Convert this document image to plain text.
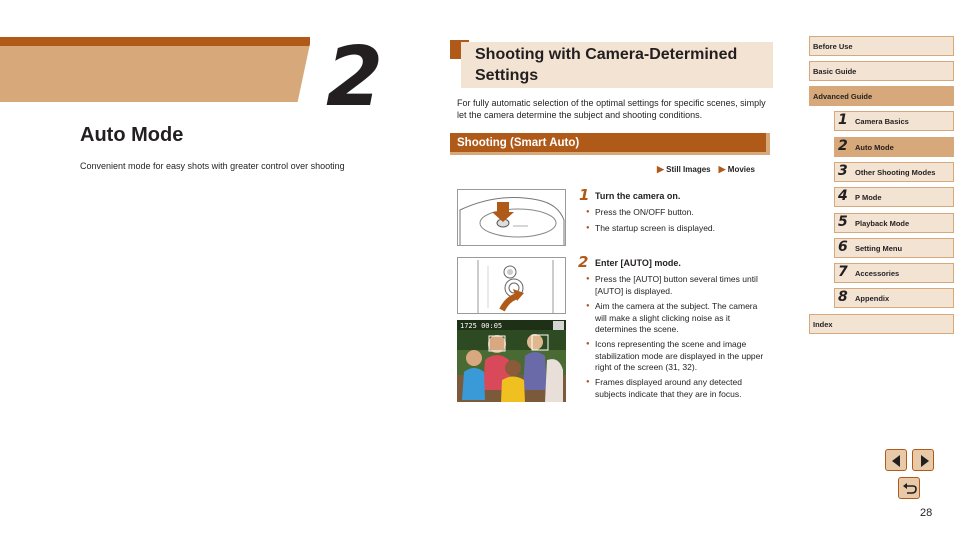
2
Auto Mode
Convenient mode for easy shots with greater control over shooting
Shooting with Camera-Determined Settings
For fully automatic selection of the optimal settings for specific scenes, simply let the camera determine the subject and shooting conditions.
Shooting (Smart Auto)
▶ Still Images ▶ Movies
1725 00:05
1 Turn the camera on.
● Press the ON/OFF button.
● The startup screen is displayed.
2 Enter [AUTO] mode.
● Press the [AUTO] button several times until [AUTO] is displayed.
● Aim the camera at the subject. The camera will make a slight clicking noise as it determines the scene.
● Icons representing the scene and image stabilization mode are displayed in the upper right of the screen (31, 32).
● Frames displayed around any detected subjects indicate that they are in focus.
Before Use
Basic Guide
Advanced Guide
1 Camera Basics
2 Auto Mode
3 Other Shooting Modes
4 P Mode
5 Playback Mode
6 Setting Menu
7 Accessories
8 Appendix
Index
28
